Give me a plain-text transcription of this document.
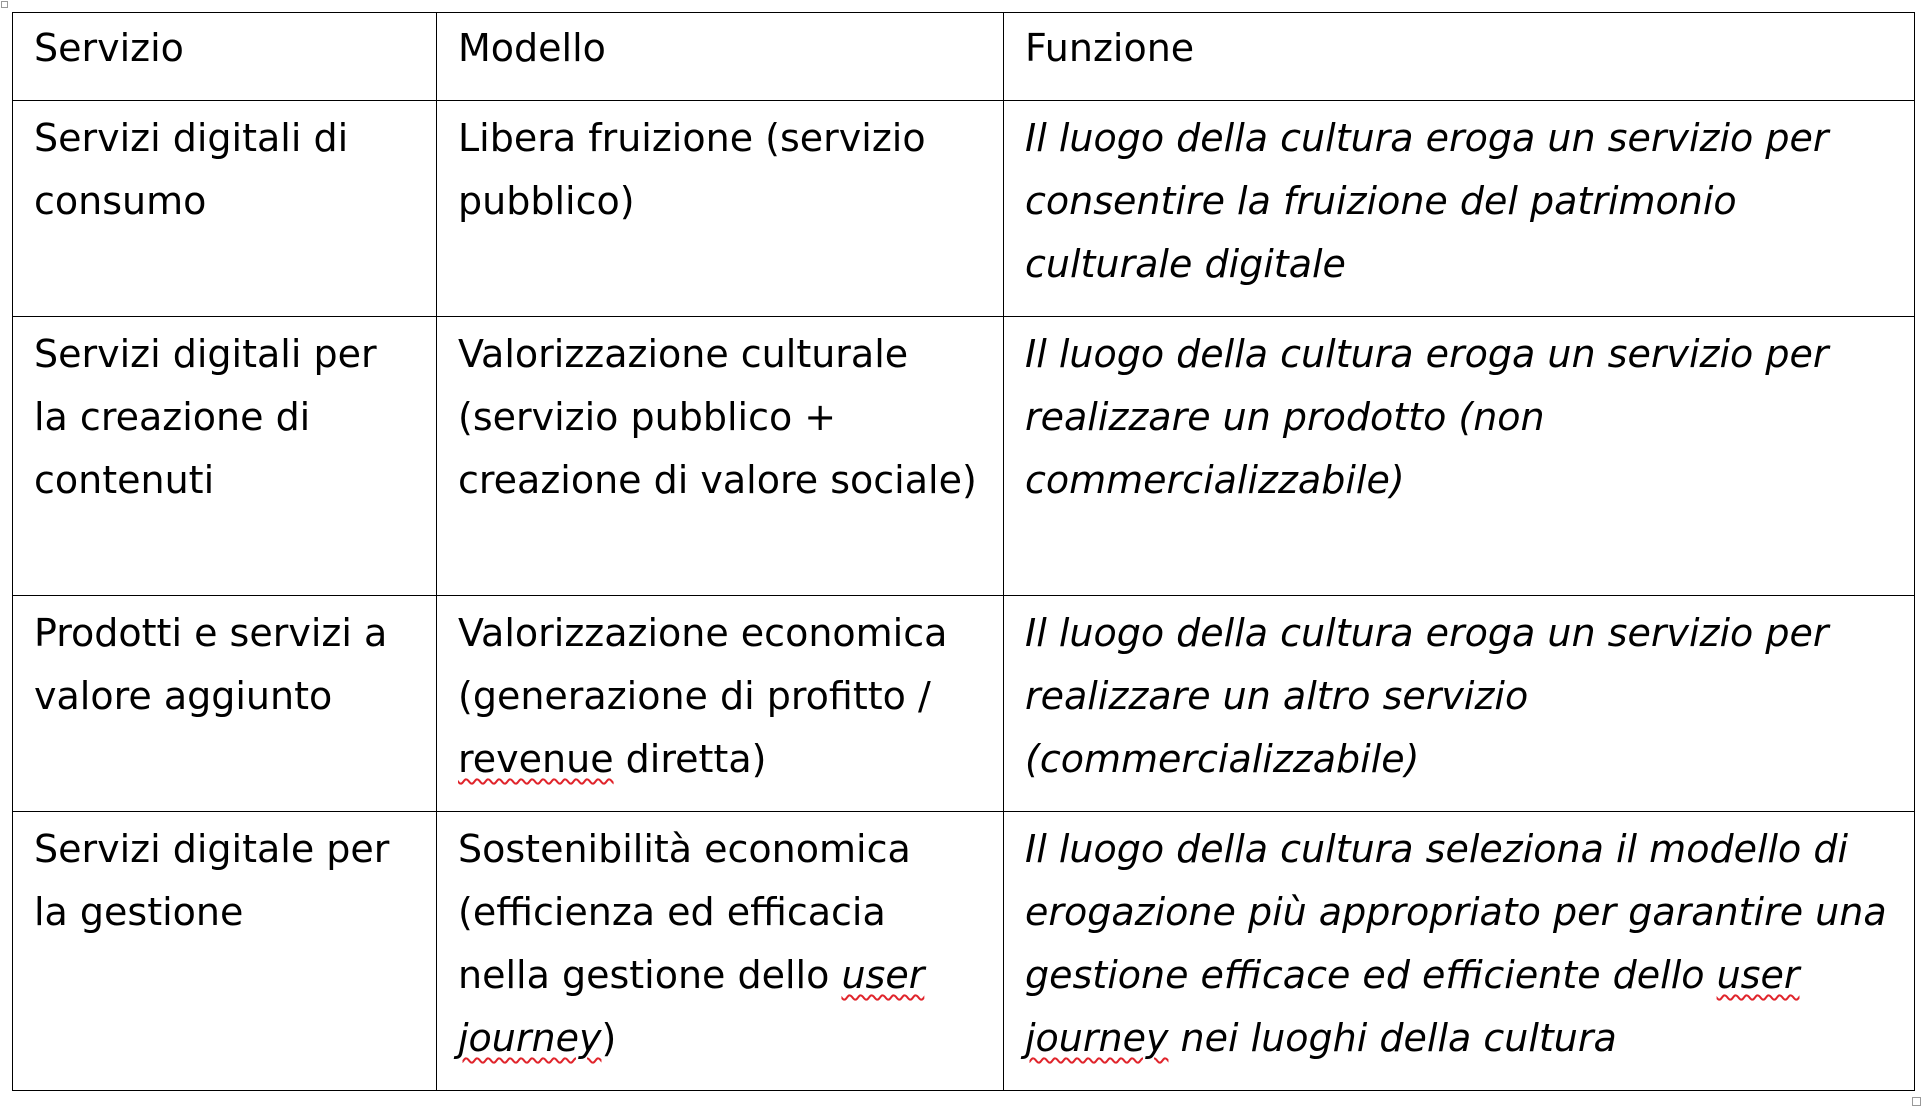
Servizio	Modello	Funzione
Servizi digitali di consumo	Libera fruizione (servizio pubblico)	Il luogo della cultura eroga un servizio per consentire la fruizione del patrimonio culturale digitale
Servizi digitali per la creazione di contenuti	Valorizzazione culturale (servizio pubblico + creazione di valore sociale)	Il luogo della cultura eroga un servizio per realizzare un prodotto (non commercializzabile)
Prodotti e servizi a valore aggiunto	Valorizzazione economica (generazione di profitto / revenue diretta)	Il luogo della cultura eroga un servizio per realizzare un altro servizio (commercializzabile)
Servizi digitale per la gestione	Sostenibilità economica (efficienza ed efficacia nella gestione dello user journey)	Il luogo della cultura seleziona il modello di erogazione più appropriato per garantire una gestione efficace ed efficiente dello user journey nei luoghi della cultura
